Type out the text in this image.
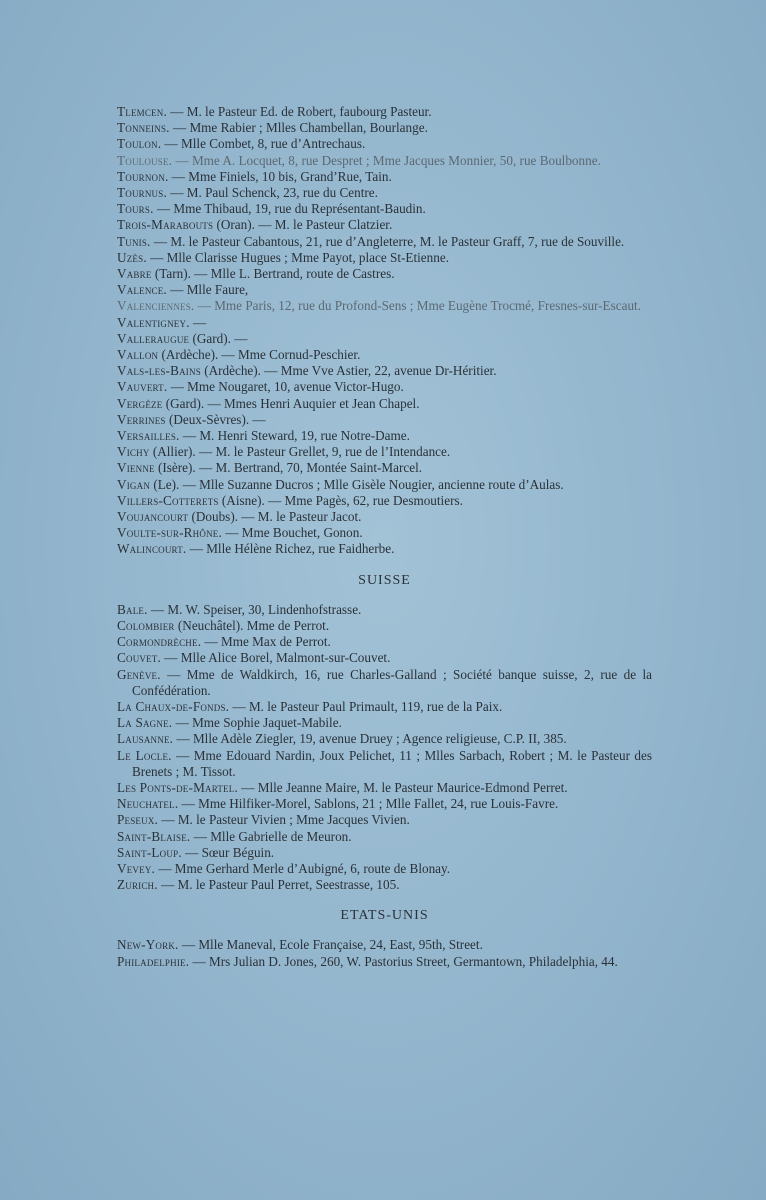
Tlemcen. — M. le Pasteur Ed. de Robert, faubourg Pasteur.
Tonneins. — Mme Rabier ; Mlles Chambellan, Bourlange.
Toulon. — Mlle Combet, 8, rue d’Antrechaus.
Toulouse. — Mme A. Locquet, 8, rue Despret ; Mme Jacques Monnier, 50, rue Boulbonne.
Tournon. — Mme Finiels, 10 bis, Grand’Rue, Tain.
Tournus. — M. Paul Schenck, 23, rue du Centre.
Tours. — Mme Thibaud, 19, rue du Représentant-Baudin.
Trois-Marabouts (Oran). — M. le Pasteur Clatzier.
Tunis. — M. le Pasteur Cabantous, 21, rue d’Angleterre, M. le Pasteur Graff, 7, rue de Souville.
Uzès. — Mlle Clarisse Hugues ; Mme Payot, place St-Etienne.
Vabre (Tarn). — Mlle L. Bertrand, route de Castres.
Valence. — Mlle Faure,
Valenciennes. — Mme Paris, 12, rue du Profond-Sens ; Mme Eugène Trocmé, Fresnes-sur-Escaut.
Valentigney. —
Valleraugue (Gard). —
Vallon (Ardèche). — Mme Cornud-Peschier.
Vals-les-Bains (Ardèche). — Mme Vve Astier, 22, avenue Dr-Héritier.
Vauvert. — Mme Nougaret, 10, avenue Victor-Hugo.
Vergèze (Gard). — Mmes Henri Auquier et Jean Chapel.
Verrines (Deux-Sèvres). —
Versailles. — M. Henri Steward, 19, rue Notre-Dame.
Vichy (Allier). — M. le Pasteur Grellet, 9, rue de l’Intendance.
Vienne (Isère). — M. Bertrand, 70, Montée Saint-Marcel.
Vigan (Le). — Mlle Suzanne Ducros ; Mlle Gisèle Nougier, ancienne route d’Aulas.
Villers-Cotterets (Aisne). — Mme Pagès, 62, rue Desmoutiers.
Voujancourt (Doubs). — M. le Pasteur Jacot.
Voulte-sur-Rhône. — Mme Bouchet, Gonon.
Walincourt. — Mlle Hélène Richez, rue Faidherbe.
SUISSE
Bale. — M. W. Speiser, 30, Lindenhofstrasse.
Colombier (Neuchâtel). Mme de Perrot.
Cormondrèche. — Mme Max de Perrot.
Couvet. — Mlle Alice Borel, Malmont-sur-Couvet.
Genève. — Mme de Waldkirch, 16, rue Charles-Galland ; Société banque suisse, 2, rue de la Confédération.
La Chaux-de-Fonds. — M. le Pasteur Paul Primault, 119, rue de la Paix.
La Sagne. — Mme Sophie Jaquet-Mabile.
Lausanne. — Mlle Adèle Ziegler, 19, avenue Druey ; Agence religieuse, C.P. II, 385.
Le Locle. — Mme Edouard Nardin, Joux Pelichet, 11 ; Mlles Sarbach, Robert ; M. le Pasteur des Brenets ; M. Tissot.
Les Ponts-de-Martel. — Mlle Jeanne Maire, M. le Pasteur Maurice-Edmond Perret.
Neuchatel. — Mme Hilfiker-Morel, Sablons, 21 ; Mlle Fallet, 24, rue Louis-Favre.
Peseux. — M. le Pasteur Vivien ; Mme Jacques Vivien.
Saint-Blaise. — Mlle Gabrielle de Meuron.
Saint-Loup. — Sœur Béguin.
Vevey. — Mme Gerhard Merle d’Aubigné, 6, route de Blonay.
Zurich. — M. le Pasteur Paul Perret, Seestrasse, 105.
ETATS-UNIS
New-York. — Mlle Maneval, Ecole Française, 24, East, 95th, Street.
Philadelphie. — Mrs Julian D. Jones, 260, W. Pastorius Street, Germantown, Philadelphia, 44.
